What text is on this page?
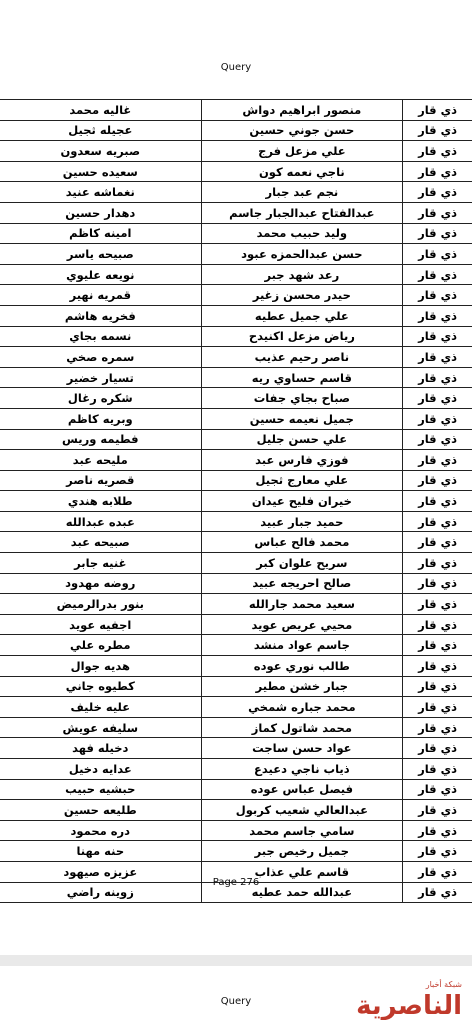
Query
ذي قار	منصور ابراهيم دواش	غاليه محمد
ذي قار	حسن جوني حسين	عجيله ثجيل
ذي قار	علي مزعل فرج	صبريه سعدون
ذي قار	ناجي نعمه كون	سعيده حسين
ذي قار	نجم عبد جبار	نغماشه عنيد
ذي قار	عبدالفتاح عبدالجبار جاسم	دهدار حسين
ذي قار	وليد حبيب محمد	امينه كاظم
ذي قار	حسن عبدالحمزه عبود	صبيحه ياسر
ذي قار	رعد شهد جبر	نويعه عليوي
ذي قار	حيدر محسن زغير	قمريه نهير
ذي قار	علي جميل عطيه	فخريه هاشم
ذي قار	رياض مزعل اكنيدح	نسمه بجاي
ذي قار	ناصر رحيم عذيب	سمره صخي
ذي قار	قاسم حساوي ريه	تسيار خضير
ذي قار	صباح بجاي جفات	شكره رغال
ذي قار	جميل نعيمه حسين	وبريه كاظم
ذي قار	علي حسن جليل	فطيمه وريس
ذي قار	فوزي فارس عبد	مليحه عبد
ذي قار	علي معارج ثجيل	قصريه ناصر
ذي قار	خيران فليح عيدان	طلابه هندي
ذي قار	حميد جبار عبيد	عبده عبدالله
ذي قار	محمد فالح عباس	صبيحه عبد
ذي قار	سريح علوان كبر	غنيه جابر
ذي قار	صالح احريجه عبيد	روضه مهدود
ذي قار	سعيد محمد جارالله	بنور بدرالرميض
ذي قار	محيي عريص عويد	اجفيه عويد
ذي قار	جاسم عواد منشد	مطره علي
ذي قار	طالب نوري عوده	هديه جوال
ذي قار	جبار خشن مطير	كطيوه جاني
ذي قار	محمد جباره شمخي	عليه خليف
ذي قار	محمد شاتول كماز	سليفه عويش
ذي قار	عواد حسن ساجت	دخيله فهد
ذي قار	ذياب ناجي دعيدع	عدايه دخيل
ذي قار	فيصل عباس عوده	حبشيه حبيب
ذي قار	عبدالعالي شعيب كربول	طليعه حسين
ذي قار	سامي جاسم محمد	دره محمود
ذي قار	جميل رخيص جبر	حنه مهنا
ذي قار	قاسم علي عذاب	عزيزه صيهود
ذي قار	عبدالله حمد عطيه	زوينه راضي
Page 276
Query
شبكة أخبار
الناصرية
